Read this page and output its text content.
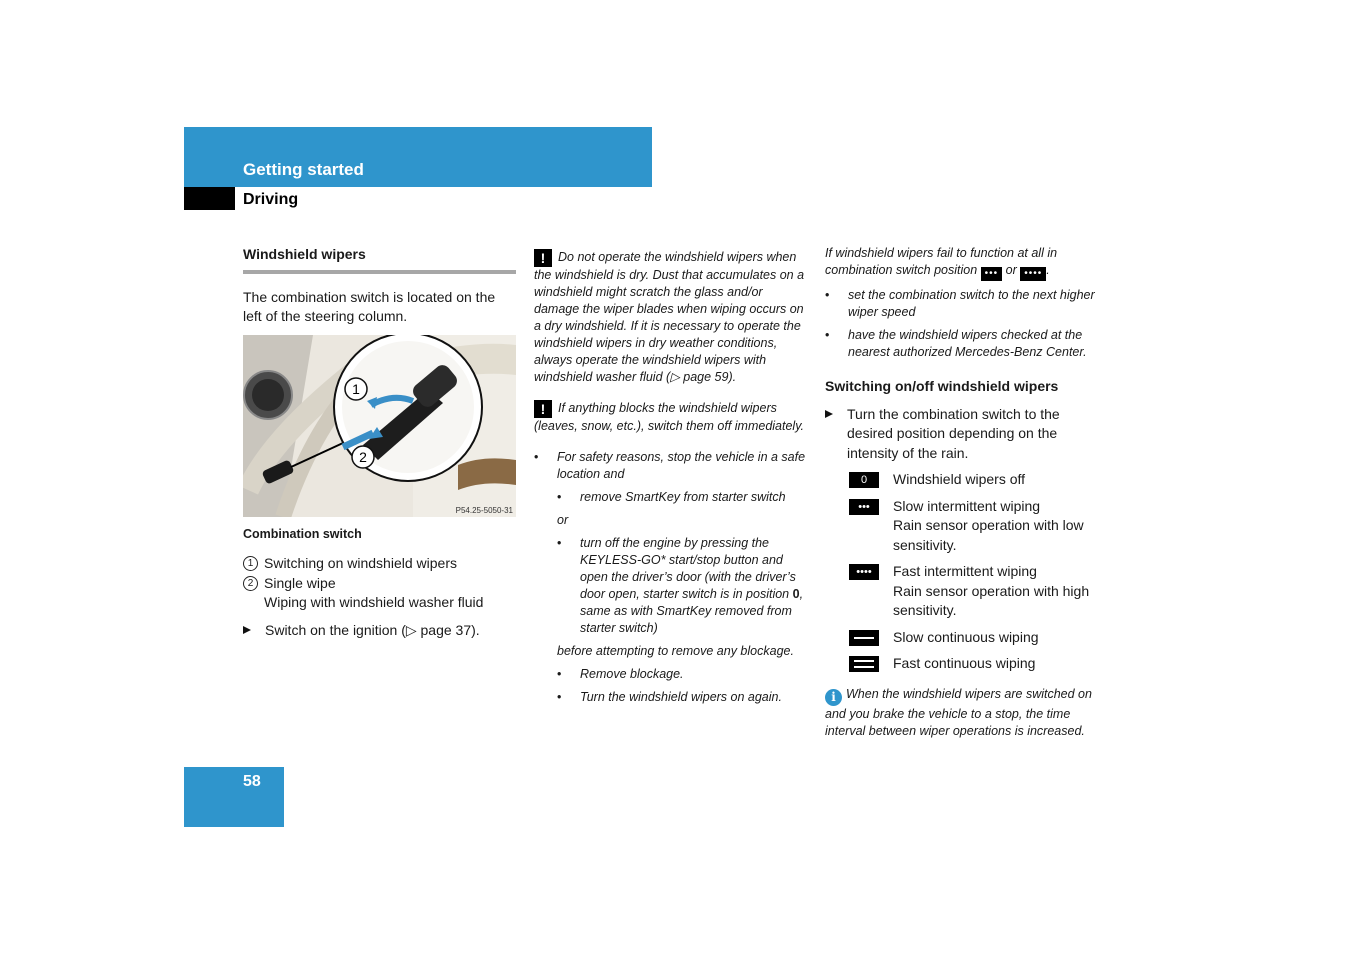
Getting started
Driving
Windshield wipers
The combination switch is located on the left of the steering column.
1
2
P54.25-5050-31
Combination switch
1 Switching on windshield wipers
2 Single wipe
Wiping with windshield washer fluid
Switch on the ignition (▷ page 37).
! Do not operate the windshield wipers when the windshield is dry. Dust that accumulates on a windshield might scratch the glass and/or damage the wiper blades when wiping occurs on a dry windshield. If it is necessary to operate the windshield wipers in dry weather conditions, always operate the windshield wipers with windshield washer fluid (▷ page 59).
! If anything blocks the windshield wipers (leaves, snow, etc.), switch them off immediately.
•	For safety reasons, stop the vehicle in a safe location and
•	remove SmartKey from starter switch
or
•	turn off the engine by pressing the KEYLESS-GO* start/stop button and open the driver’s door (with the driver’s door open, starter switch is in position 0, same as with SmartKey removed from starter switch)
before attempting to remove any blockage.
•	Remove blockage.
•	Turn the windshield wipers on again.
If windshield wipers fail to function at all in combination switch position ••• or •••• .
•	set the combination switch to the next higher wiper speed
•	have the windshield wipers checked at the nearest authorized Mercedes-Benz Center.
Switching on/off windshield wipers
Turn the combination switch to the desired position depending on the intensity of the rain.
0	Windshield wipers off
•••	Slow intermittent wiping
Rain sensor operation with low sensitivity.
••••	Fast intermittent wiping
Rain sensor operation with high sensitivity.
Slow continuous wiping
Fast continuous wiping
i When the windshield wipers are switched on and you brake the vehicle to a stop, the time interval between wiper operations is increased.
58
